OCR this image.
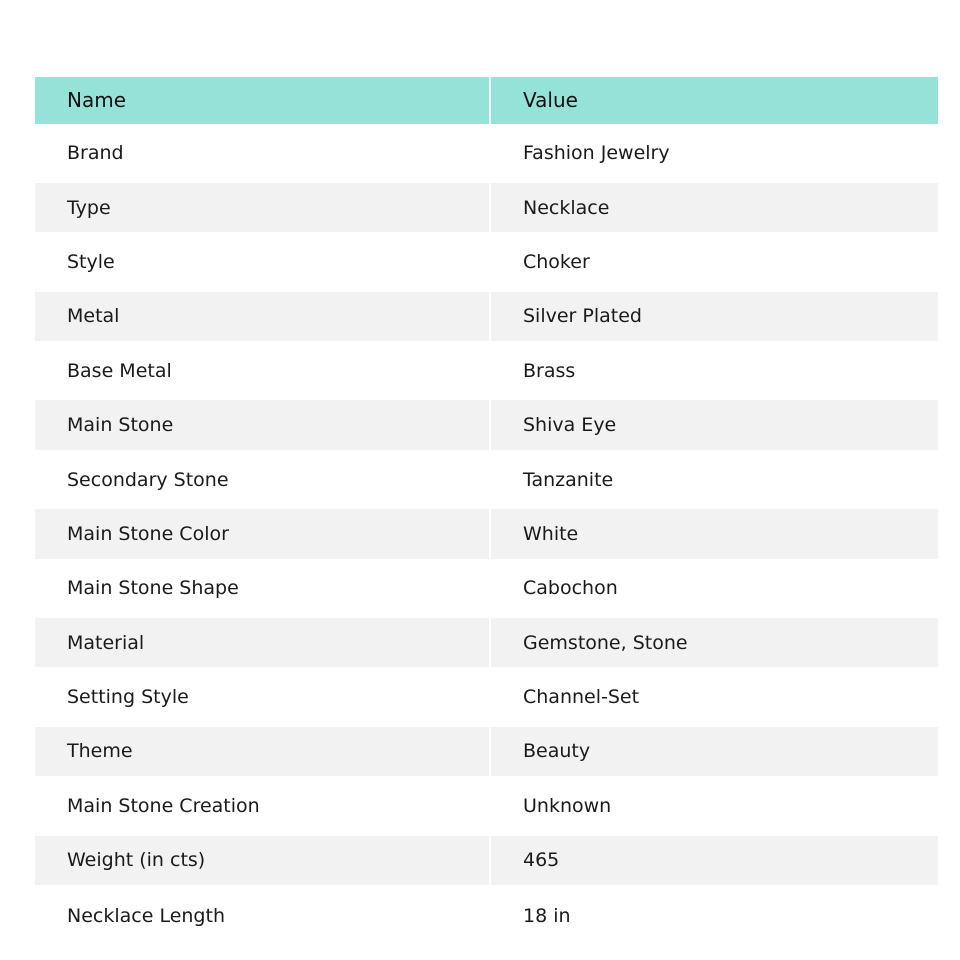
Name	Value
Brand	Fashion Jewelry
Type	Necklace
Style	Choker
Metal	Silver Plated
Base Metal	Brass
Main Stone	Shiva Eye
Secondary Stone	Tanzanite
Main Stone Color	White
Main Stone Shape	Cabochon
Material	Gemstone, Stone
Setting Style	Channel-Set
Theme	Beauty
Main Stone Creation	Unknown
Weight (in cts)	465
Necklace Length	18 in
